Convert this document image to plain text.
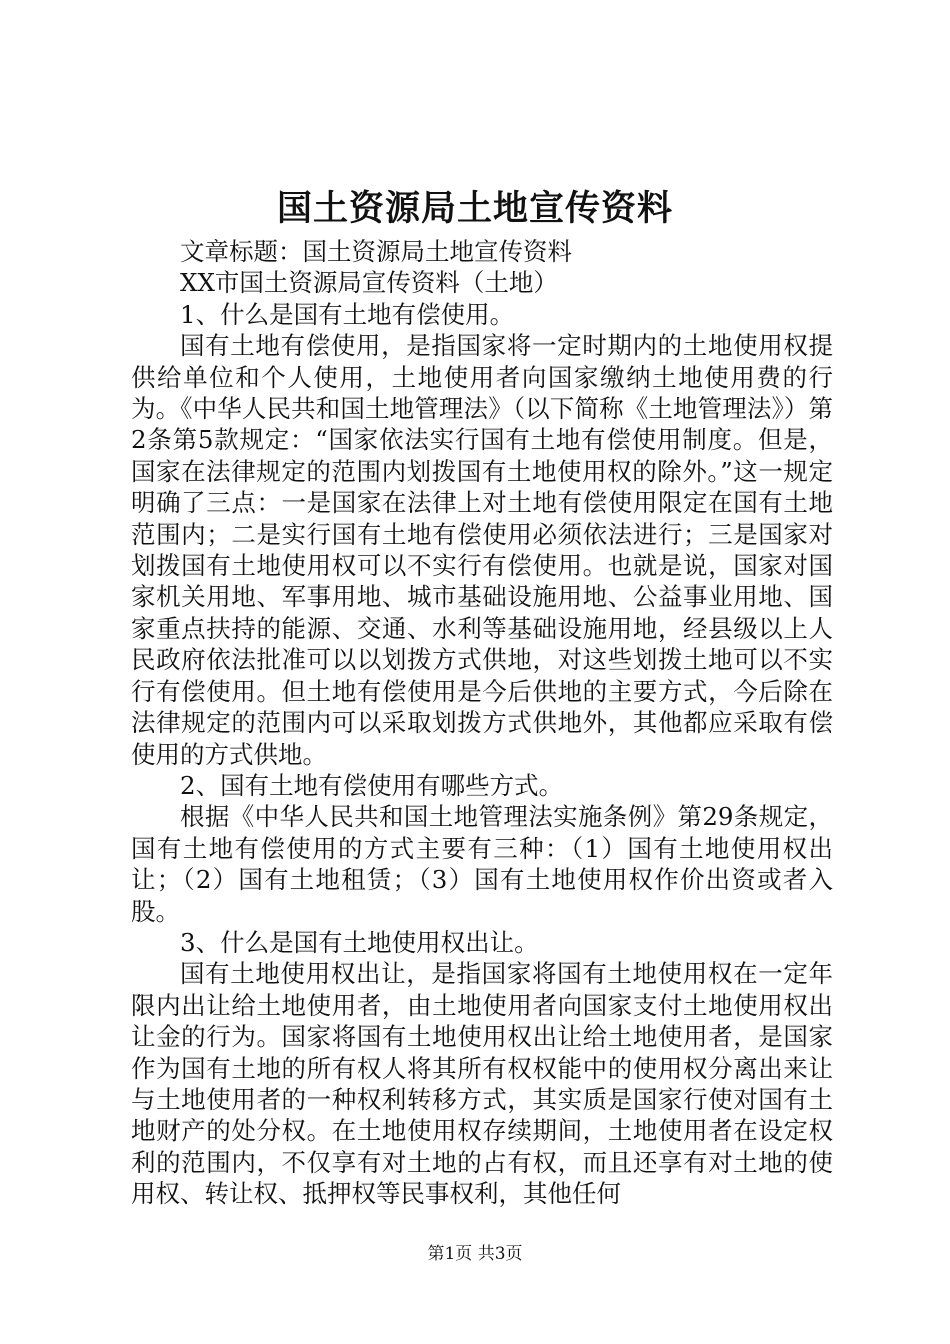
国土资源局土地宣传资料

文章标题：国土资源局土地宣传资料

XX市国土资源局宣传资料（土地）

1、什么是国有土地有偿使用。

国有土地有偿使用，是指国家将一定时期内的土地使用权提供给单位和个人使用，土地使用者向国家缴纳土地使用费的行为。《中华人民共和国土地管理法》（以下简称《土地管理法》）第2条第5款规定：“国家依法实行国有土地有偿使用制度。但是，国家在法律规定的范围内划拨国有土地使用权的除外。”这一规定明确了三点：一是国家在法律上对土地有偿使用限定在国有土地范围内；二是实行国有土地有偿使用必须依法进行；三是国家对划拨国有土地使用权可以不实行有偿使用。也就是说，国家对国家机关用地、军事用地、城市基础设施用地、公益事业用地、国家重点扶持的能源、交通、水利等基础设施用地，经县级以上人民政府依法批准可以以划拨方式供地，对这些划拨土地可以不实行有偿使用。但土地有偿使用是今后供地的主要方式，今后除在法律规定的范围内可以采取划拨方式供地外，其他都应采取有偿使用的方式供地。

2、国有土地有偿使用有哪些方式。

根据《中华人民共和国土地管理法实施条例》第29条规定，国有土地有偿使用的方式主要有三种：（1）国有土地使用权出让；（2）国有土地租赁；（3）国有土地使用权作价出资或者入股。

3、什么是国有土地使用权出让。

国有土地使用权出让，是指国家将国有土地使用权在一定年限内出让给土地使用者，由土地使用者向国家支付土地使用权出让金的行为。国家将国有土地使用权出让给土地使用者，是国家作为国有土地的所有权人将其所有权权能中的使用权分离出来让与土地使用者的一种权利转移方式，其实质是国家行使对国有土地财产的处分权。在土地使用权存续期间，土地使用者在设定权利的范围内，不仅享有对土地的占有权，而且还享有对土地的使用权、转让权、抵押权等民事权利，其他任何

第1页 共3页
